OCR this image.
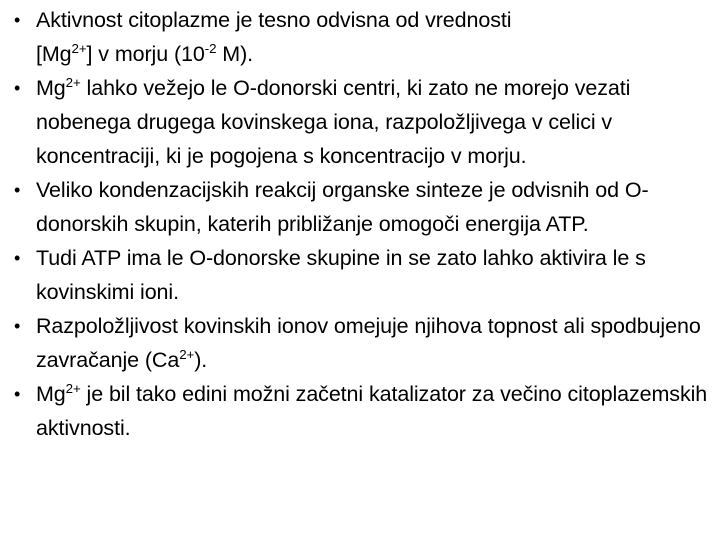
• Aktivnost citoplazme je tesno odvisna od vrednosti
$[Mg^{2+}]$ v morju ($10^{-2}$ M).
• $Mg^{2+}$ lahko vežejo le O-donorski centri, ki zato ne morejo vezati nobenega drugega kovinskega iona, razpoložljivega v celici v koncentraciji, ki je pogojena s koncentracijo v morju.
• Veliko kondenzacijskih reakcij organske sinteze je odvisnih od O-donorskih skupin, katerih približanje omogoči energija ATP.
• Tudi ATP ima le O-donorske skupine in se zato lahko aktivira le s kovinskimi ioni.
• Razpoložljivost kovinskih ionov omejuje njihova topnost ali spodbujeno zavračanje $(Ca^{2+})$.
• $Mg^{2+}$ je bil tako edini možni začetni katalizator za večino citoplazemskih aktivnosti.
